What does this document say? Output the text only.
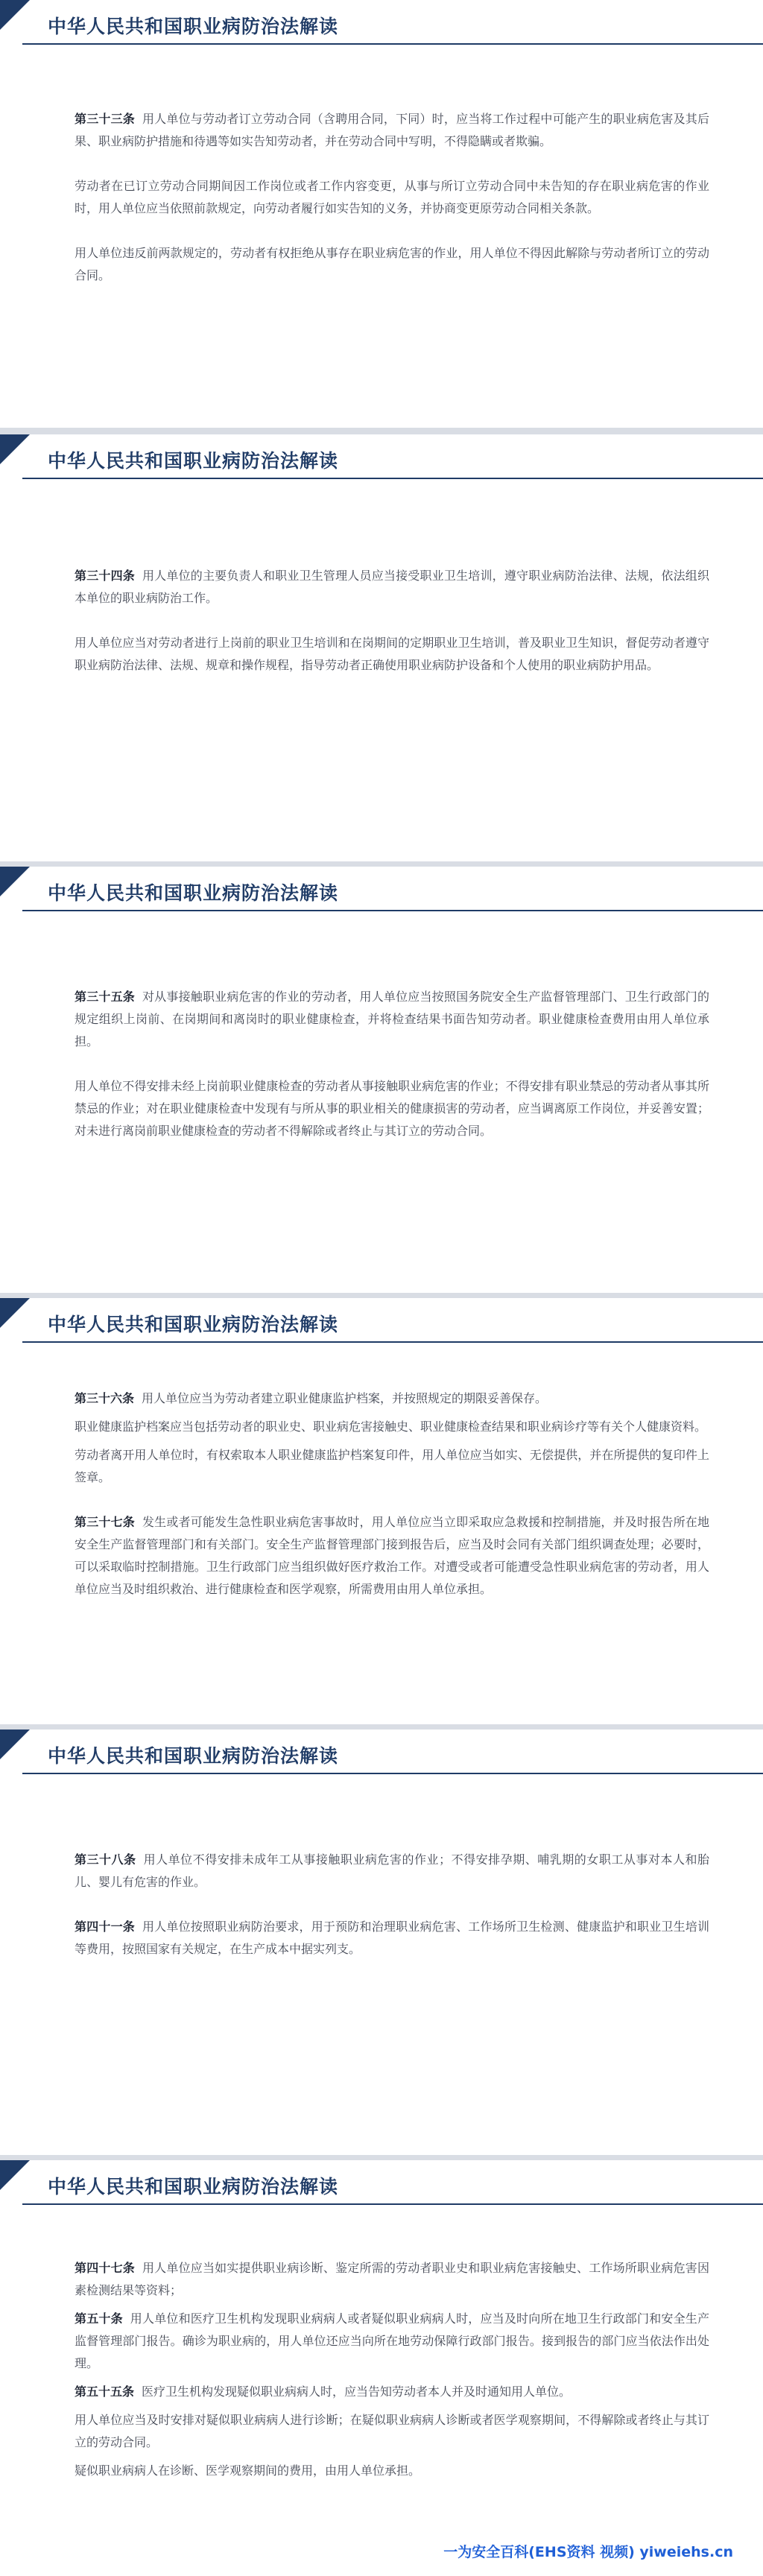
中华人民共和国职业病防治法解读

第三十三条 用人单位与劳动者订立劳动合同（含聘用合同，下同）时，应当将工作过程中可能产生的职业病危害及其后果、职业病防护措施和待遇等如实告知劳动者，并在劳动合同中写明，不得隐瞒或者欺骗。

劳动者在已订立劳动合同期间因工作岗位或者工作内容变更，从事与所订立劳动合同中未告知的存在职业病危害的作业时，用人单位应当依照前款规定，向劳动者履行如实告知的义务，并协商变更原劳动合同相关条款。

用人单位违反前两款规定的，劳动者有权拒绝从事存在职业病危害的作业，用人单位不得因此解除与劳动者所订立的劳动合同。

中华人民共和国职业病防治法解读

第三十四条 用人单位的主要负责人和职业卫生管理人员应当接受职业卫生培训，遵守职业病防治法律、法规，依法组织本单位的职业病防治工作。

用人单位应当对劳动者进行上岗前的职业卫生培训和在岗期间的定期职业卫生培训，普及职业卫生知识，督促劳动者遵守职业病防治法律、法规、规章和操作规程，指导劳动者正确使用职业病防护设备和个人使用的职业病防护用品。

中华人民共和国职业病防治法解读

第三十五条 对从事接触职业病危害的作业的劳动者，用人单位应当按照国务院安全生产监督管理部门、卫生行政部门的规定组织上岗前、在岗期间和离岗时的职业健康检查，并将检查结果书面告知劳动者。职业健康检查费用由用人单位承担。

用人单位不得安排未经上岗前职业健康检查的劳动者从事接触职业病危害的作业；不得安排有职业禁忌的劳动者从事其所禁忌的作业；对在职业健康检查中发现有与所从事的职业相关的健康损害的劳动者，应当调离原工作岗位，并妥善安置；对未进行离岗前职业健康检查的劳动者不得解除或者终止与其订立的劳动合同。

中华人民共和国职业病防治法解读

第三十六条 用人单位应当为劳动者建立职业健康监护档案，并按照规定的期限妥善保存。

职业健康监护档案应当包括劳动者的职业史、职业病危害接触史、职业健康检查结果和职业病诊疗等有关个人健康资料。

劳动者离开用人单位时，有权索取本人职业健康监护档案复印件，用人单位应当如实、无偿提供，并在所提供的复印件上签章。

第三十七条 发生或者可能发生急性职业病危害事故时，用人单位应当立即采取应急救援和控制措施，并及时报告所在地安全生产监督管理部门和有关部门。安全生产监督管理部门接到报告后，应当及时会同有关部门组织调查处理；必要时，可以采取临时控制措施。卫生行政部门应当组织做好医疗救治工作。对遭受或者可能遭受急性职业病危害的劳动者，用人单位应当及时组织救治、进行健康检查和医学观察，所需费用由用人单位承担。

中华人民共和国职业病防治法解读

第三十八条 用人单位不得安排未成年工从事接触职业病危害的作业；不得安排孕期、哺乳期的女职工从事对本人和胎儿、婴儿有危害的作业。

第四十一条 用人单位按照职业病防治要求，用于预防和治理职业病危害、工作场所卫生检测、健康监护和职业卫生培训等费用，按照国家有关规定，在生产成本中据实列支。

中华人民共和国职业病防治法解读

第四十七条 用人单位应当如实提供职业病诊断、鉴定所需的劳动者职业史和职业病危害接触史、工作场所职业病危害因素检测结果等资料；

第五十条 用人单位和医疗卫生机构发现职业病病人或者疑似职业病病人时，应当及时向所在地卫生行政部门和安全生产监督管理部门报告。确诊为职业病的，用人单位还应当向所在地劳动保障行政部门报告。接到报告的部门应当依法作出处理。

第五十五条 医疗卫生机构发现疑似职业病病人时，应当告知劳动者本人并及时通知用人单位。

用人单位应当及时安排对疑似职业病病人进行诊断；在疑似职业病病人诊断或者医学观察期间，不得解除或者终止与其订立的劳动合同。

疑似职业病病人在诊断、医学观察期间的费用，由用人单位承担。

一为安全百科(EHS资料 视频) yiweiehs.cn
